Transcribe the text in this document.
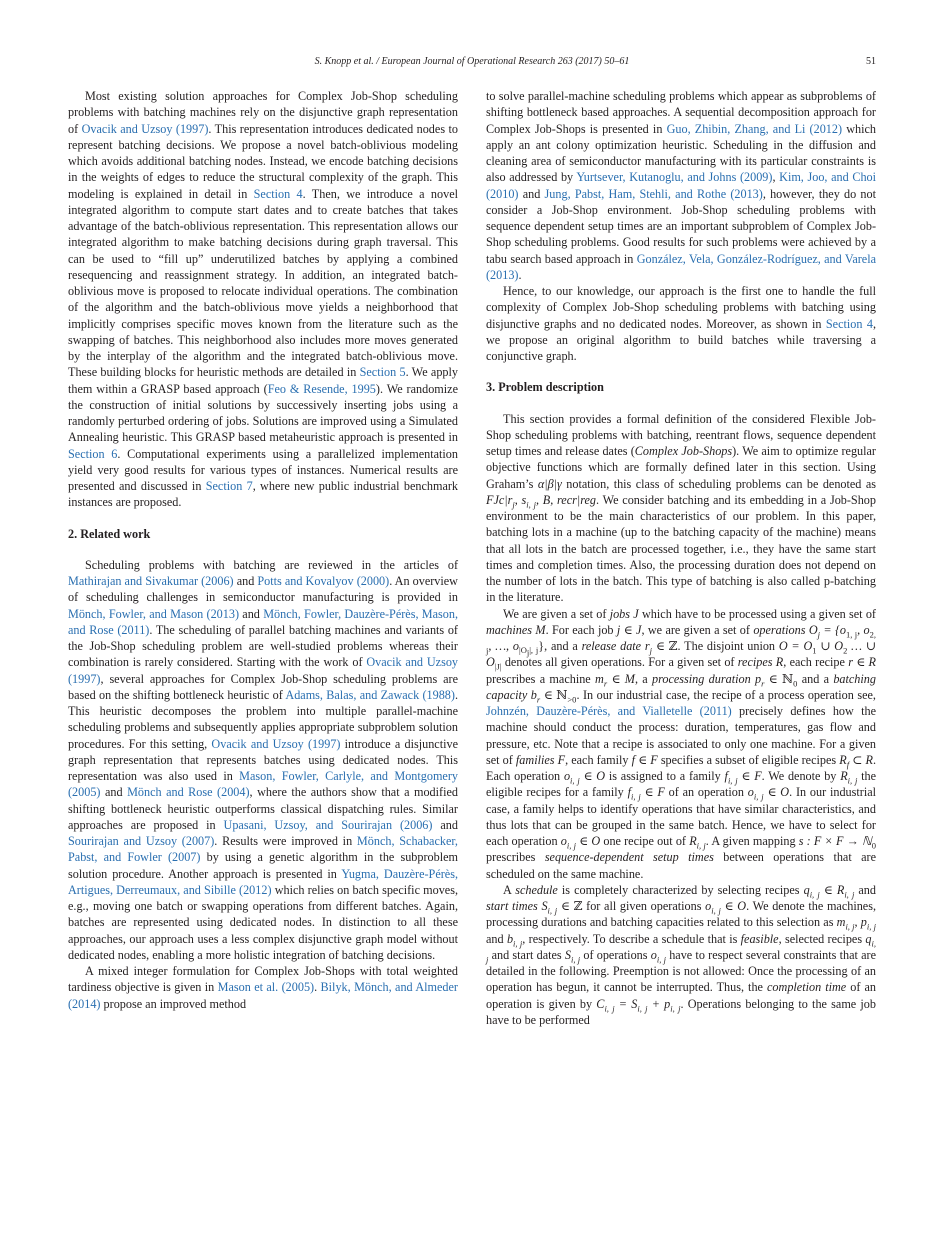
S. Knopp et al. / European Journal of Operational Research 263 (2017) 50–61	51

Most existing solution approaches for Complex Job-Shop scheduling problems with batching machines rely on the disjunctive graph representation of Ovacik and Uzsoy (1997). This representation introduces dedicated nodes to represent batching decisions. We propose a novel batch-oblivious modeling which avoids additional batching nodes. Instead, we encode batching decisions in the weights of edges to reduce the structural complexity of the graph. This modeling is explained in detail in Section 4. Then, we introduce a novel integrated algorithm to compute start dates and to create batches that takes advantage of the batch-oblivious representation. This representation allows our integrated algorithm to make batching decisions during graph traversal. This can be used to “fill up” underutilized batches by applying a combined resequencing and reassignment strategy. In addition, an integrated batch-oblivious move is proposed to relocate individual operations. The combination of the algorithm and the batch-oblivious move yields a neighborhood that implicitly comprises specific moves known from the literature such as the swapping of batches. This neighborhood also includes more moves generated by the interplay of the algorithm and the integrated batch-oblivious move. These building blocks for heuristic methods are detailed in Section 5. We apply them within a GRASP based approach (Feo & Resende, 1995). We randomize the construction of initial solutions by successively inserting jobs using a randomly perturbed ordering of jobs. Solutions are improved using a Simulated Annealing heuristic. This GRASP based metaheuristic approach is presented in Section 6. Computational experiments using a parallelized implementation yield very good results for various types of instances. Numerical results are presented and discussed in Section 7, where new public industrial benchmark instances are proposed.

2. Related work

Scheduling problems with batching are reviewed in the articles of Mathirajan and Sivakumar (2006) and Potts and Kovalyov (2000). An overview of scheduling challenges in semiconductor manufacturing is provided in Mönch, Fowler, and Mason (2013) and Mönch, Fowler, Dauzère-Pérès, Mason, and Rose (2011). The scheduling of parallel batching machines and variants of the Job-Shop scheduling problem are well-studied problems whereas their combination is rarely considered. Starting with the work of Ovacik and Uzsoy (1997), several approaches for Complex Job-Shop scheduling problems are based on the shifting bottleneck heuristic of Adams, Balas, and Zawack (1988). This heuristic decomposes the problem into multiple parallel-machine scheduling problems and subsequently applies appropriate subproblem solution procedures. For this setting, Ovacik and Uzsoy (1997) introduce a disjunctive graph representation that represents batches using dedicated nodes. This representation was also used in Mason, Fowler, Carlyle, and Montgomery (2005) and Mönch and Rose (2004), where the authors show that a modified shifting bottleneck heuristic outperforms classical dispatching rules. Similar approaches are proposed in Upasani, Uzsoy, and Sourirajan (2006) and Sourirajan and Uzsoy (2007). Results were improved in Mönch, Schabacker, Pabst, and Fowler (2007) by using a genetic algorithm in the subproblem solution procedure. Another approach is presented in Yugma, Dauzère-Pérès, Artigues, Derreumaux, and Sibille (2012) which relies on batch specific moves, e.g., moving one batch or swapping operations from different batches. Again, batches are represented using dedicated nodes. In distinction to all these approaches, our approach uses a less complex disjunctive graph model without dedicated nodes, enabling a more holistic integration of batching decisions.

A mixed integer formulation for Complex Job-Shops with total weighted tardiness objective is given in Mason et al. (2005). Bilyk, Mönch, and Almeder (2014) propose an improved method

to solve parallel-machine scheduling problems which appear as subproblems of shifting bottleneck based approaches. A sequential decomposition approach for Complex Job-Shops is presented in Guo, Zhibin, Zhang, and Li (2012) which apply an ant colony optimization heuristic. Scheduling in the diffusion and cleaning area of semiconductor manufacturing with its particular constraints is also addressed by Yurtsever, Kutanoglu, and Johns (2009), Kim, Joo, and Choi (2010) and Jung, Pabst, Ham, Stehli, and Rothe (2013), however, they do not consider a Job-Shop environment. Job-Shop scheduling problems with sequence dependent setup times are an important subproblem of Complex Job-Shop scheduling problems. Good results for such problems were achieved by a tabu search based approach in González, Vela, González-Rodríguez, and Varela (2013).

Hence, to our knowledge, our approach is the first one to handle the full complexity of Complex Job-Shop scheduling problems with batching using disjunctive graphs and no dedicated nodes. Moreover, as shown in Section 4, we propose an original algorithm to build batches while traversing a conjunctive graph.

3. Problem description

This section provides a formal definition of the considered Flexible Job-Shop scheduling problems with batching, reentrant flows, sequence dependent setup times and release dates (Complex Job-Shops). We aim to optimize regular objective functions which are formally defined later in this section. Using Graham’s α|β|γ notation, this class of scheduling problems can be denoted as $FJc|r_j$, $s_{i, j}$, B, recr|reg. We consider batching and its embedding in a Job-Shop environment to be the main characteristics of our problem. In this paper, batching lots in a machine (up to the batching capacity of the machine) means that all lots in the batch are processed together, i.e., they have the same start times and completion times. Also, the processing duration does not depend on the number of lots in the batch. This type of batching is also called p-batching in the literature.

We are given a set of jobs J which have to be processed using a given set of machines M. For each job j ∈ J, we are given a set of operations $O_j = \{o_{1, j}$, $o_{2, j}$, …, $o_{|O_j|, j}$}, and a release date $r_j$ ∈ ℤ. The disjoint union $O = O_1$ ∪ $O_2$ … ∪ $O_{|J|}$ denotes all given operations. For a given set of recipes R, each recipe r ∈ R prescribes a machine $m_r$ ∈ M, a processing duration $p_r$ ∈ ℕ$_0$ and a batching capacity $b_r$ ∈ ℕ$_{>0}$. In our industrial case, the recipe of a process operation see, Johnzén, Dauzère-Pérès, and Vialletelle (2011) precisely defines how the machine should conduct the process: duration, temperatures, gas flow and pressure, etc. Note that a recipe is associated to only one machine. For a given set of families F, each family f ∈ F specifies a subset of eligible recipes $R_f$ ⊂ R. Each operation $o_{i, j}$ ∈ O is assigned to a family $f_{i, j}$ ∈ F. We denote by $R_{i, j}$ the eligible recipes for a family $f_{i, j}$ ∈ F of an operation $o_{i, j}$ ∈ O. In our industrial case, a family helps to identify operations that have similar characteristics, and thus lots that can be grouped in the same batch. Hence, we have to select for each operation $o_{i, j}$ ∈ O one recipe out of $R_{i, j}$. A given mapping s : F × F → ℕ$_0$ prescribes sequence-dependent setup times between operations that are scheduled on the same machine.

A schedule is completely characterized by selecting recipes $q_{i, j}$ ∈ $R_{i, j}$ and start times $S_{i, j}$ ∈ ℤ for all given operations $o_{i, j}$ ∈ O. We denote the machines, processing durations and batching capacities related to this selection as $m_{i, j}$, $p_{i, j}$ and $b_{i, j}$, respectively. To describe a schedule that is feasible, selected recipes $q_{i, j}$ and start dates $S_{i, j}$ of operations $o_{i, j}$ have to respect several constraints that are detailed in the following. Preemption is not allowed: Once the processing of an operation has begun, it cannot be interrupted. Thus, the completion time of an operation is given by $C_{i, j} = S_{i, j} + p_{i, j}$. Operations belonging to the same job have to be performed
